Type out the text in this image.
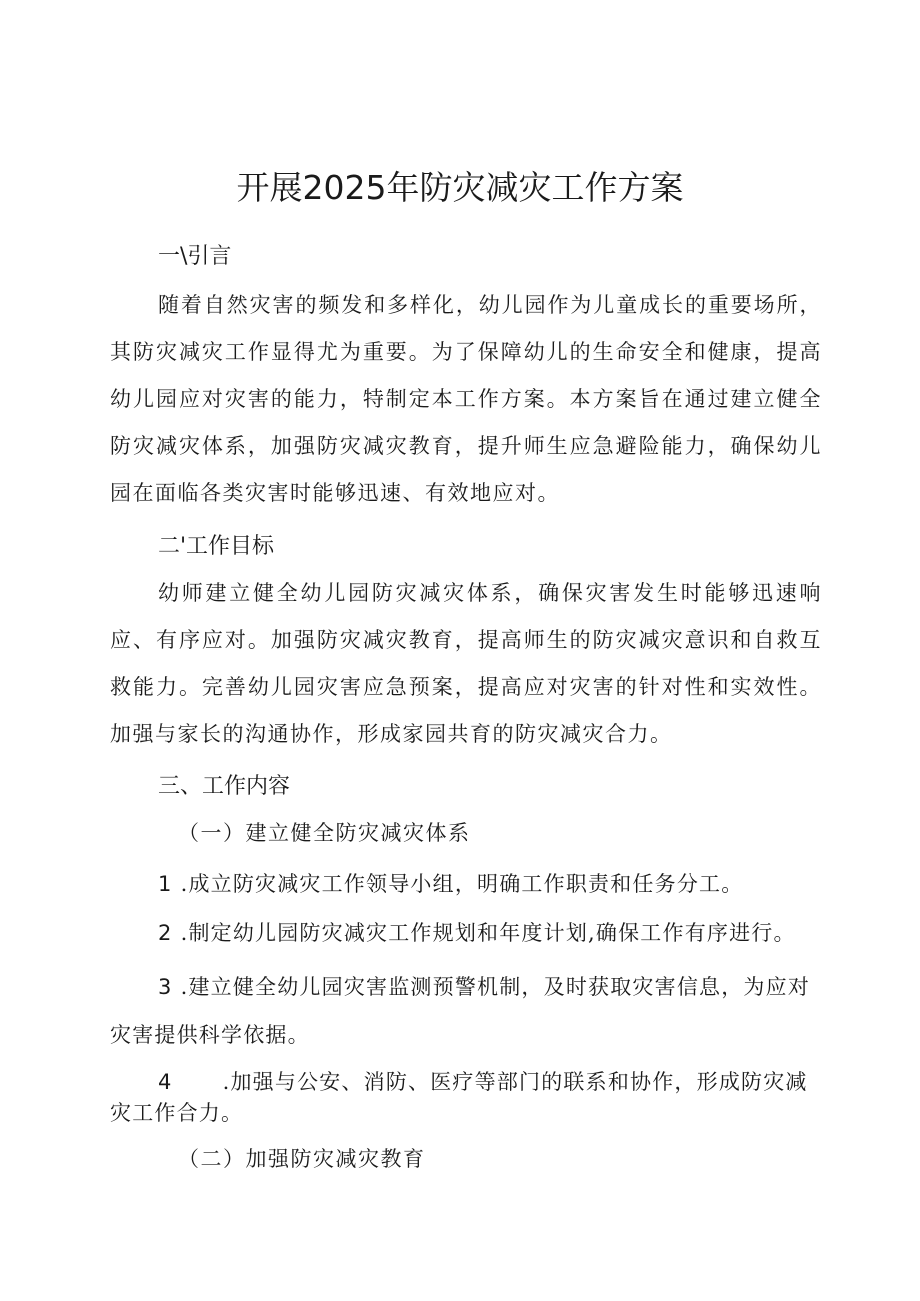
开展2025年防灾减灾工作方案
一\引言
随着自然灾害的频发和多样化，幼儿园作为儿童成长的重要场所，其防灾减灾工作显得尤为重要。为了保障幼儿的生命安全和健康，提高幼儿园应对灾害的能力，特制定本工作方案。本方案旨在通过建立健全防灾减灾体系，加强防灾减灾教育，提升师生应急避险能力，确保幼儿园在面临各类灾害时能够迅速、有效地应对。
二'工作目标
幼师建立健全幼儿园防灾减灾体系，确保灾害发生时能够迅速响应、有序应对。加强防灾减灾教育，提高师生的防灾减灾意识和自救互救能力。完善幼儿园灾害应急预案，提高应对灾害的针对性和实效性。加强与家长的沟通协作，形成家园共育的防灾减灾合力。
三、工作内容
（一）建立健全防灾减灾体系
1 .成立防灾减灾工作领导小组，明确工作职责和任务分工。
2 .制定幼儿园防灾减灾工作规划和年度计划,确保工作有序进行。
3 .建立健全幼儿园灾害监测预警机制，及时获取灾害信息，为应对灾害提供科学依据。
4 .加强与公安、消防、医疗等部门的联系和协作，形成防灾减灾工作合力。
（二）加强防灾减灾教育
